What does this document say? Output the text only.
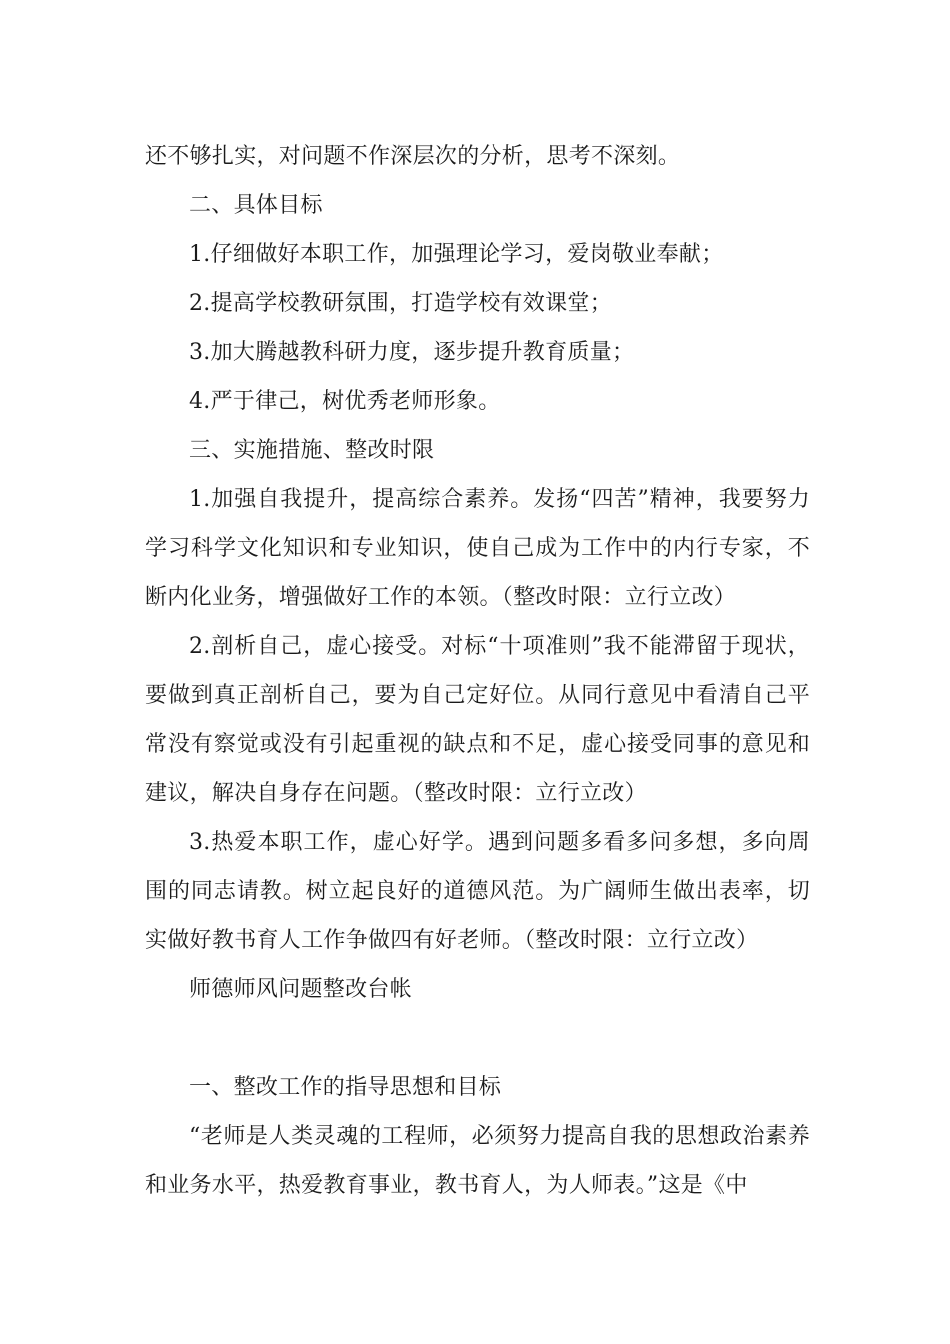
还不够扎实，对问题不作深层次的分析，思考不深刻。

二、具体目标

1.仔细做好本职工作，加强理论学习，爱岗敬业奉献；

2.提高学校教研氛围，打造学校有效课堂；

3.加大腾越教科研力度，逐步提升教育质量；

4.严于律己，树优秀老师形象。

三、实施措施、整改时限

1.加强自我提升，提高综合素养。发扬“四苦”精神，我要努力学习科学文化知识和专业知识，使自己成为工作中的内行专家，不断内化业务，增强做好工作的本领。（整改时限：立行立改）

2.剖析自己，虚心接受。对标“十项准则”我不能滞留于现状，要做到真正剖析自己，要为自己定好位。从同行意见中看清自己平常没有察觉或没有引起重视的缺点和不足，虚心接受同事的意见和建议，解决自身存在问题。（整改时限：立行立改）

3.热爱本职工作，虚心好学。遇到问题多看多问多想，多向周围的同志请教。树立起良好的道德风范。为广阔师生做出表率，切实做好教书育人工作争做四有好老师。（整改时限：立行立改）

师德师风问题整改台帐

一、整改工作的指导思想和目标

“老师是人类灵魂的工程师，必须努力提高自我的思想政治素养和业务水平，热爱教育事业，教书育人，为人师表。”这是《中
